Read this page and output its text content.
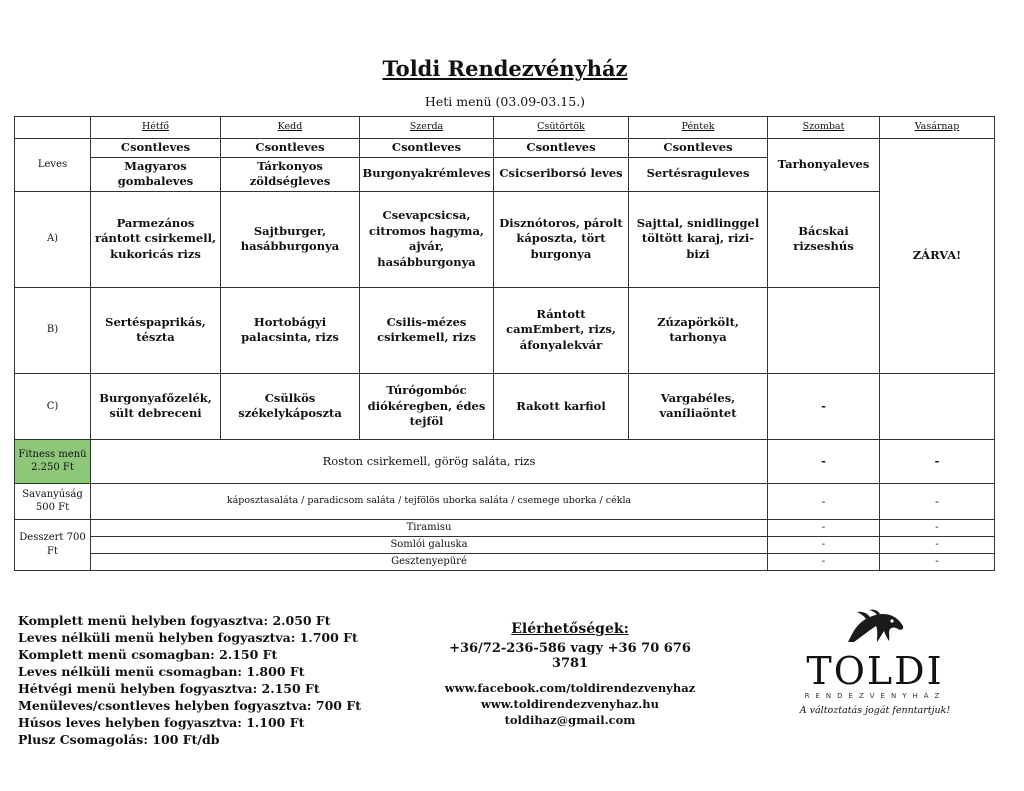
Toldi Rendezvényház
Heti menü (03.09-03.15.)
	Hétfő	Kedd	Szerda	Csütörtök	Péntek	Szombat	Vasárnap
Leves	Csontleves	Csontleves	Csontleves	Csontleves	Csontleves	Tarhonyaleves	ZÁRVA!
	Magyaros gombaleves	Tárkonyos zöldségleves	Burgonyakrémleves	Csicseriborsó leves	Sertésraguleves		
A)	Parmezános rántott csirkemell, kukoricás rizs	Sajtburger, hasábburgonya	Csevapcsicsa, citromos hagyma, ajvár, hasábburgonya	Disznótoros, párolt káposzta, tört burgonya	Sajttal, snidlinggel töltött karaj, rizi-bizi	Bácskai rizseshús	
B)	Sertéspaprikás, tészta	Hortobágyi palacsinta, rizs	Csilis-mézes csirkemell, rizs	Rántott camEmbert, rizs, áfonyalekvár	Zúzapörkölt, tarhonya		
C)	Burgonyafőzelék, sült debreceni	Csülkös székelykáposzta	Túrógombóc diókéregben, édes tejföl	Rakott karfiol	Vargabéles, vaníliaöntet	-	
Fitness menü 2.250 Ft	Roston csirkemell, görög saláta, rizs					-	-
Savanyúság 500 Ft	káposztasaláta / paradicsom saláta / tejfölös uborka saláta / csemege uborka / cékla					-	-
Desszert 700 Ft	Tiramisu					-	-
	Somlói galuska					-	-
	Gesztenyepüré					-	-
Komplett menü helyben fogyasztva: 2.050 Ft
Leves nélküli menü helyben fogyasztva: 1.700 Ft
Komplett menü csomagban: 2.150 Ft
Leves nélküli menü csomagban: 1.800 Ft
Hétvégi menü helyben fogyasztva: 2.150 Ft
Menüleves/csontleves helyben fogyasztva: 700 Ft
Húsos leves helyben fogyasztva: 1.100 Ft
Plusz Csomagolás: 100 Ft/db
Elérhetőségek:
+36/72-236-586 vagy +36 70 676 3781
www.facebook.com/toldirendezvenyhaz
www.toldirendezvenyhaz.hu
toldihaz@gmail.com
TOLDI
RENDEZVÉNYHÁZ
A változtatás jogát fenntartjuk!
